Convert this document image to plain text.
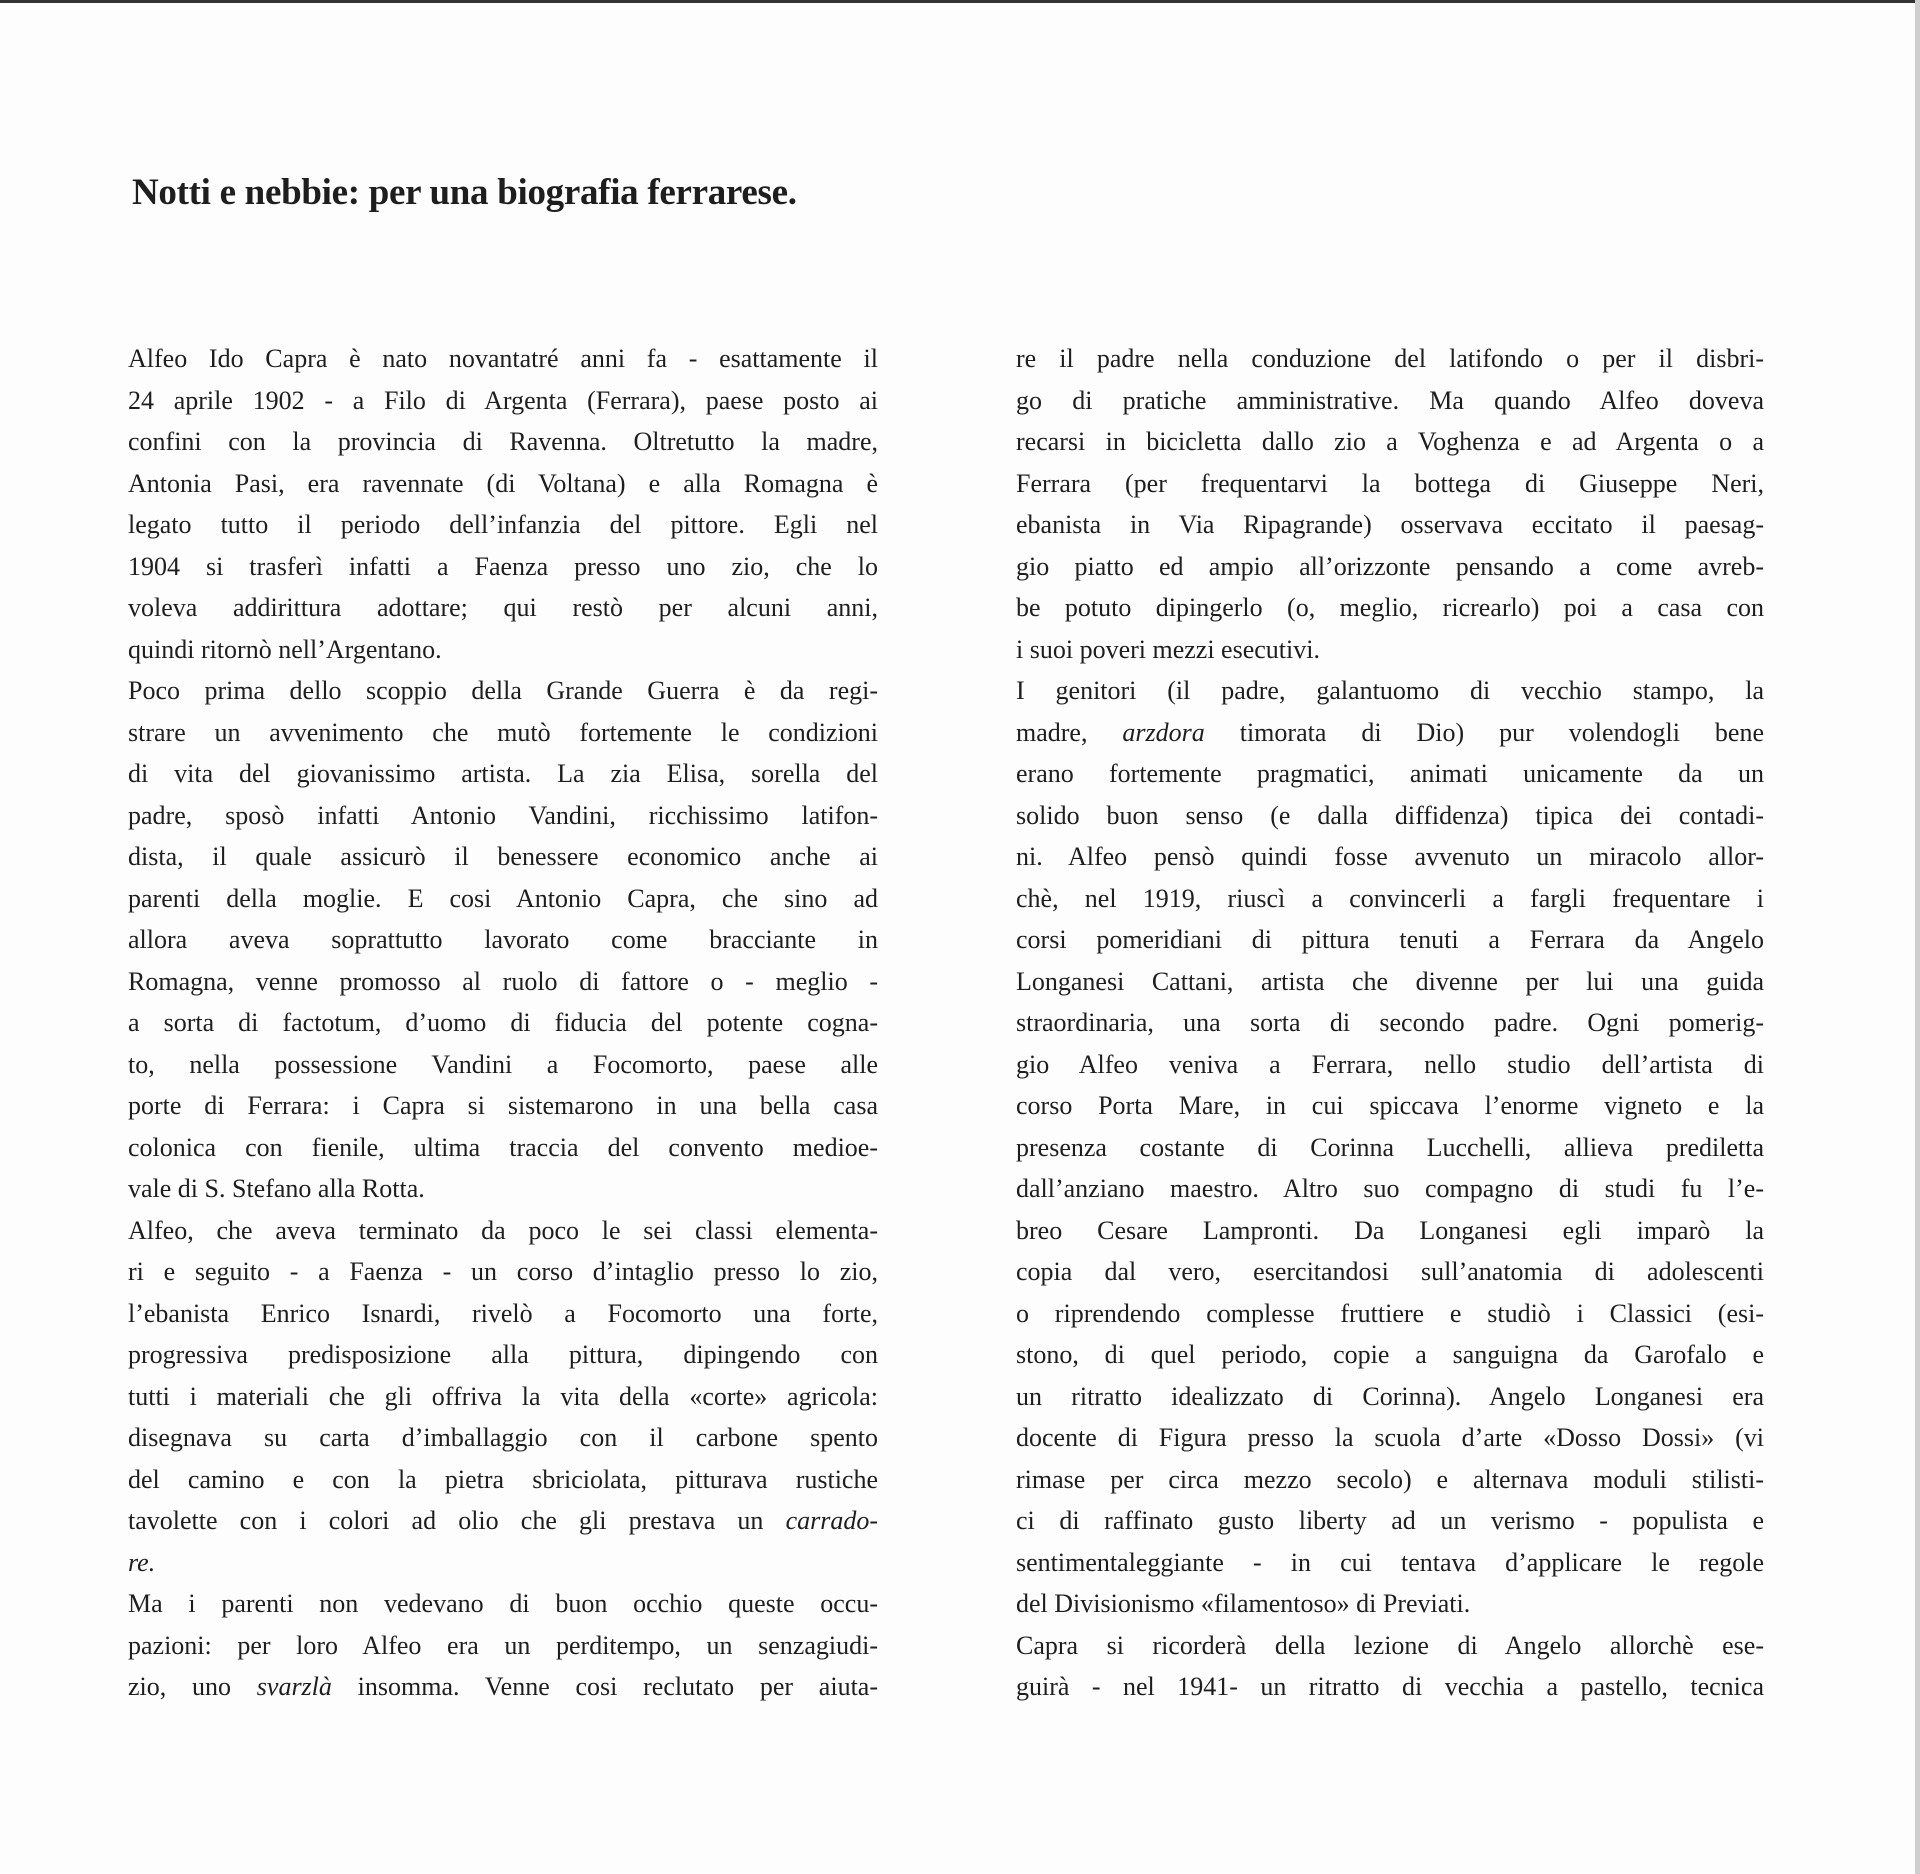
Notti e nebbie: per una biografia ferrarese.
Alfeo Ido Capra è nato novantatré anni fa - esattamente il
24 aprile 1902 - a Filo di Argenta (Ferrara), paese posto ai
confini con la provincia di Ravenna. Oltretutto la madre,
Antonia Pasi, era ravennate (di Voltana) e alla Romagna è
legato tutto il periodo dell’infanzia del pittore. Egli nel
1904 si trasferì infatti a Faenza presso uno zio, che lo
voleva addirittura adottare; qui restò per alcuni anni,
quindi ritornò nell’Argentano.
Poco prima dello scoppio della Grande Guerra è da regi-
strare un avvenimento che mutò fortemente le condizioni
di vita del giovanissimo artista. La zia Elisa, sorella del
padre, sposò infatti Antonio Vandini, ricchissimo latifon-
dista, il quale assicurò il benessere economico anche ai
parenti della moglie. E cosi Antonio Capra, che sino ad
allora aveva soprattutto lavorato come bracciante in
Romagna, venne promosso al ruolo di fattore o - meglio -
a sorta di factotum, d’uomo di fiducia del potente cogna-
to, nella possessione Vandini a Focomorto, paese alle
porte di Ferrara: i Capra si sistemarono in una bella casa
colonica con fienile, ultima traccia del convento medioe-
vale di S. Stefano alla Rotta.
Alfeo, che aveva terminato da poco le sei classi elementa-
ri e seguito - a Faenza - un corso d’intaglio presso lo zio,
l’ebanista Enrico Isnardi, rivelò a Focomorto una forte,
progressiva predisposizione alla pittura, dipingendo con
tutti i materiali che gli offriva la vita della «corte» agricola:
disegnava su carta d’imballaggio con il carbone spento
del camino e con la pietra sbriciolata, pitturava rustiche
tavolette con i colori ad olio che gli prestava un carrado-
re.
Ma i parenti non vedevano di buon occhio queste occu-
pazioni: per loro Alfeo era un perditempo, un senzagiudi-
zio, uno svarzlà insomma. Venne cosi reclutato per aiuta-
re il padre nella conduzione del latifondo o per il disbri-
go di pratiche amministrative. Ma quando Alfeo doveva
recarsi in bicicletta dallo zio a Voghenza e ad Argenta o a
Ferrara (per frequentarvi la bottega di Giuseppe Neri,
ebanista in Via Ripagrande) osservava eccitato il paesag-
gio piatto ed ampio all’orizzonte pensando a come avreb-
be potuto dipingerlo (o, meglio, ricrearlo) poi a casa con
i suoi poveri mezzi esecutivi.
I genitori (il padre, galantuomo di vecchio stampo, la
madre, arzdora timorata di Dio) pur volendogli bene
erano fortemente pragmatici, animati unicamente da un
solido buon senso (e dalla diffidenza) tipica dei contadi-
ni. Alfeo pensò quindi fosse avvenuto un miracolo allor-
chè, nel 1919, riuscì a convincerli a fargli frequentare i
corsi pomeridiani di pittura tenuti a Ferrara da Angelo
Longanesi Cattani, artista che divenne per lui una guida
straordinaria, una sorta di secondo padre. Ogni pomerig-
gio Alfeo veniva a Ferrara, nello studio dell’artista di
corso Porta Mare, in cui spiccava l’enorme vigneto e la
presenza costante di Corinna Lucchelli, allieva prediletta
dall’anziano maestro. Altro suo compagno di studi fu l’e-
breo Cesare Lampronti. Da Longanesi egli imparò la
copia dal vero, esercitandosi sull’anatomia di adolescenti
o riprendendo complesse fruttiere e studiò i Classici (esi-
stono, di quel periodo, copie a sanguigna da Garofalo e
un ritratto idealizzato di Corinna). Angelo Longanesi era
docente di Figura presso la scuola d’arte «Dosso Dossi» (vi
rimase per circa mezzo secolo) e alternava moduli stilisti-
ci di raffinato gusto liberty ad un verismo - populista e
sentimentaleggiante - in cui tentava d’applicare le regole
del Divisionismo «filamentoso» di Previati.
Capra si ricorderà della lezione di Angelo allorchè ese-
guirà - nel 1941- un ritratto di vecchia a pastello, tecnica
